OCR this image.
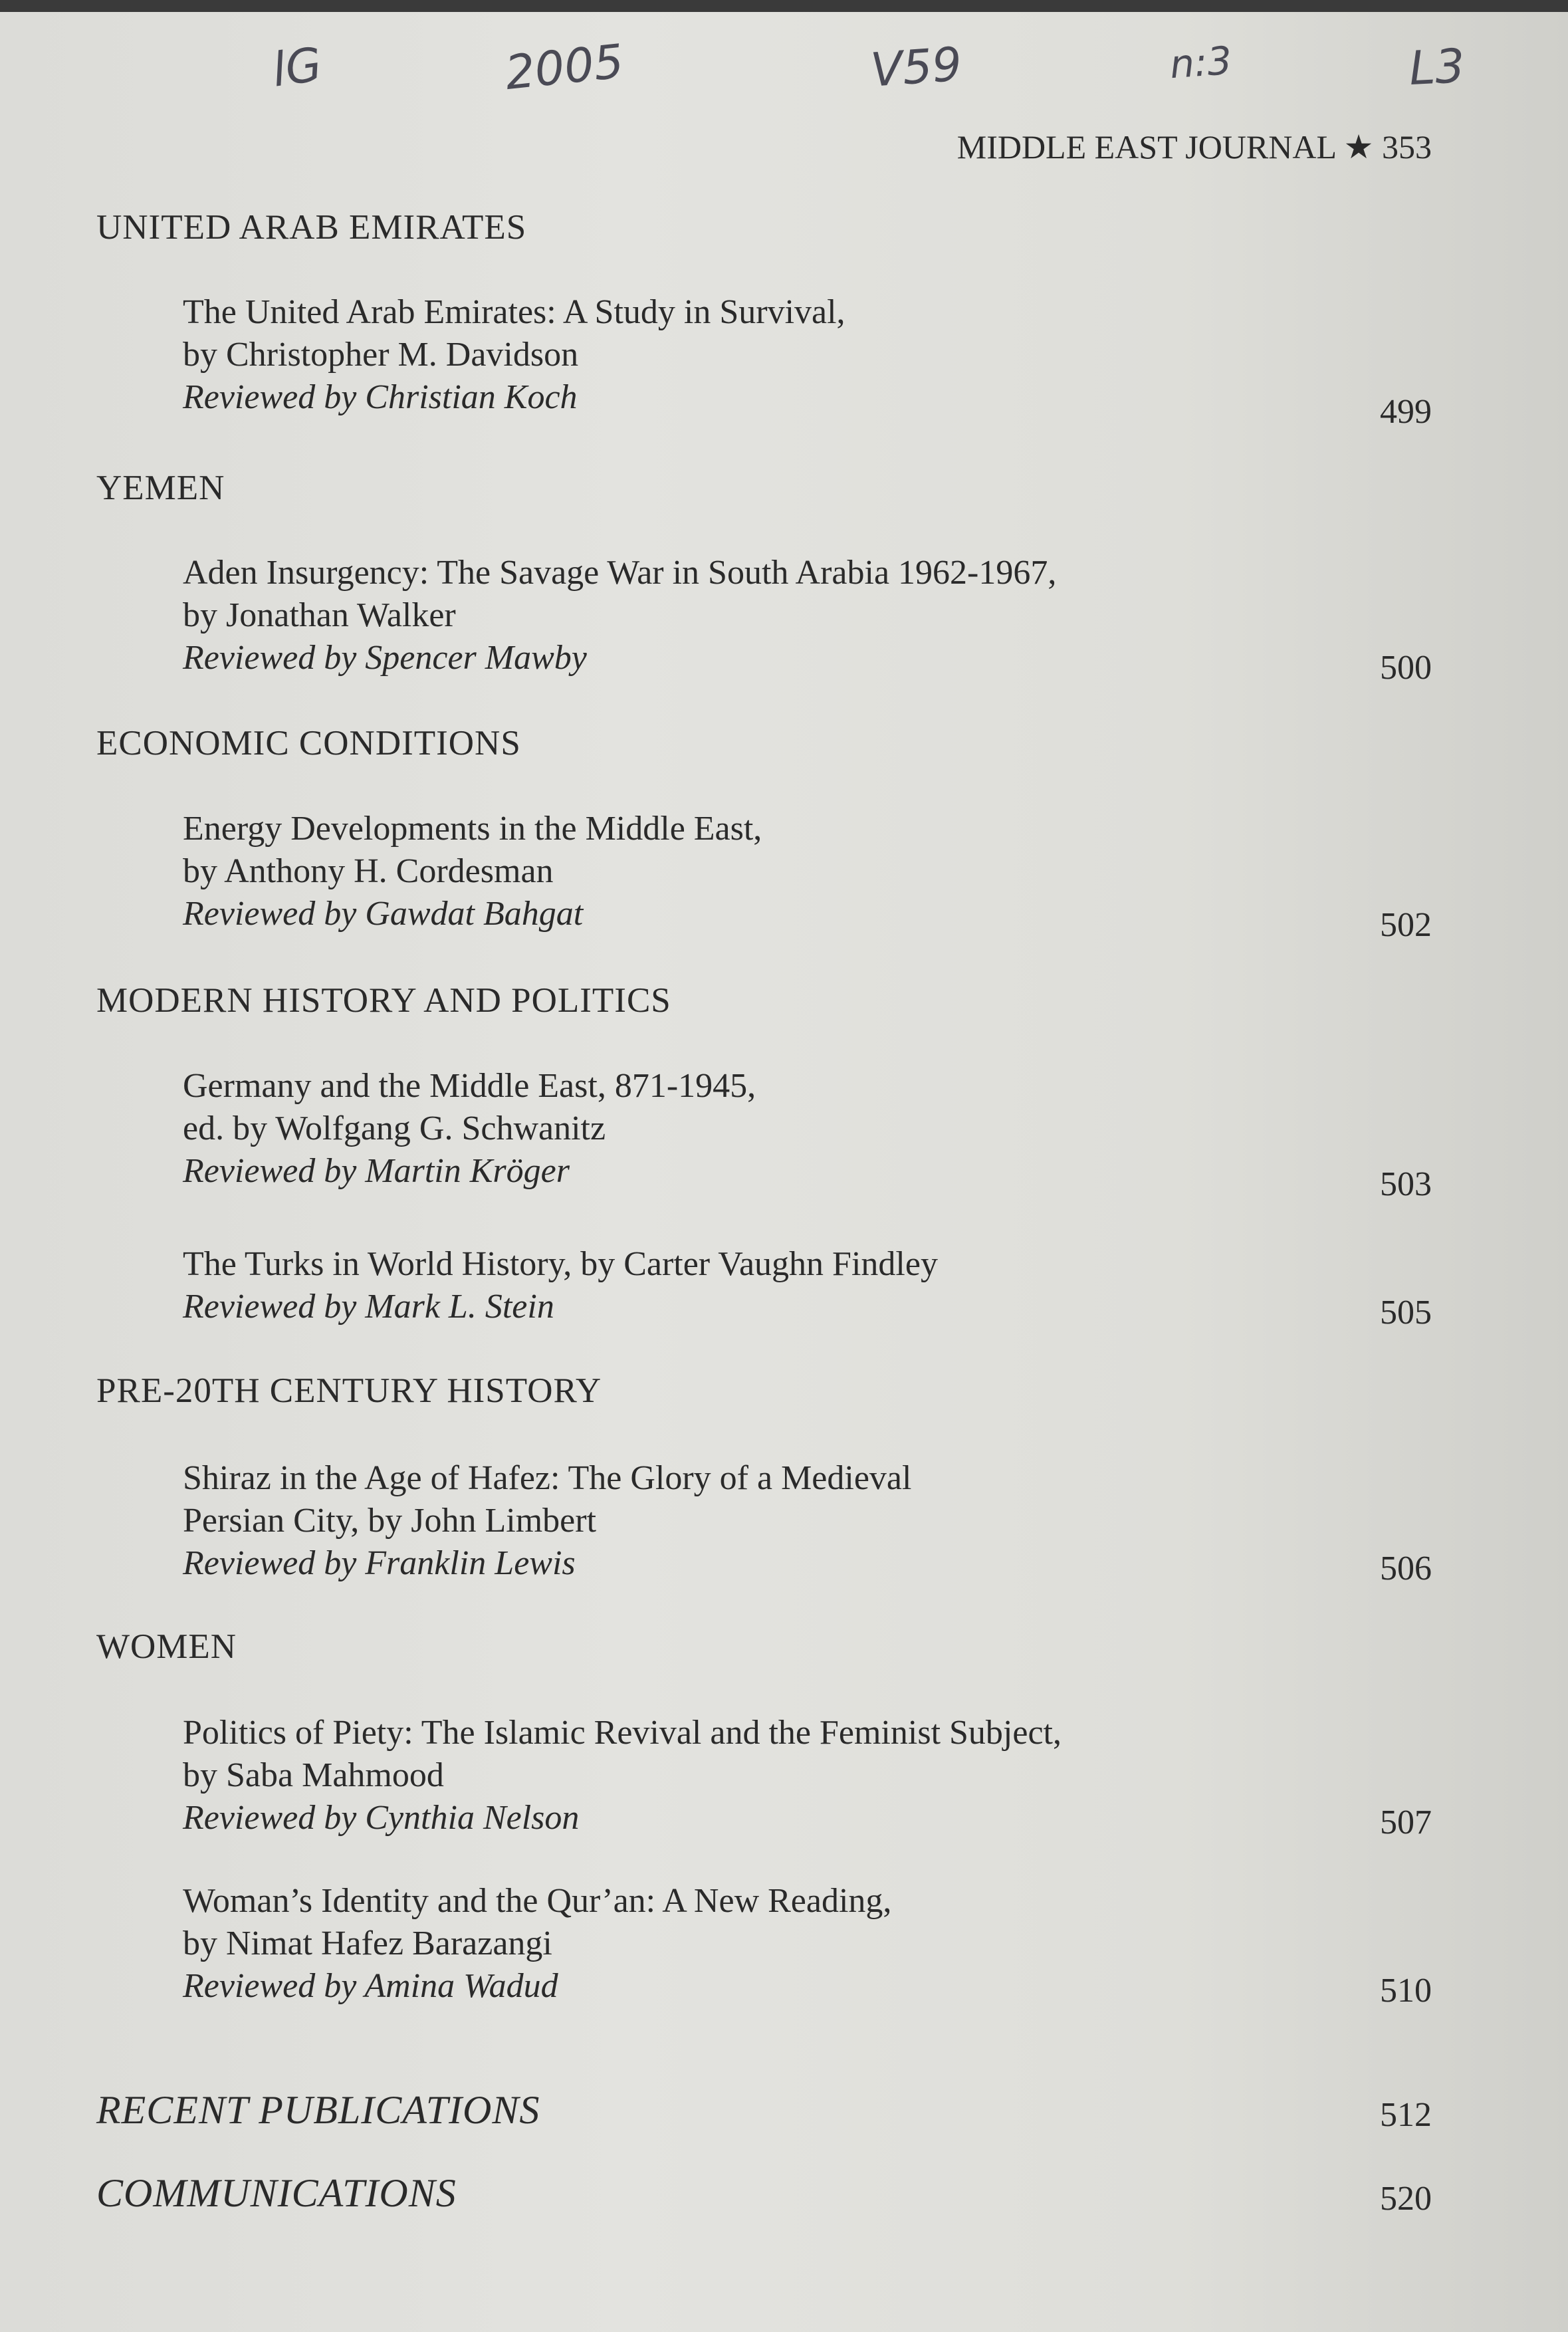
lG	2005	V59	n:3	L3
MIDDLE EAST JOURNAL ★ 353
UNITED ARAB EMIRATES
The United Arab Emirates: A Study in Survival,
by Christopher M. Davidson
Reviewed by Christian Koch	499
YEMEN
Aden Insurgency: The Savage War in South Arabia 1962-1967,
by Jonathan Walker
Reviewed by Spencer Mawby	500
ECONOMIC CONDITIONS
Energy Developments in the Middle East,
by Anthony H. Cordesman
Reviewed by Gawdat Bahgat	502
MODERN HISTORY AND POLITICS
Germany and the Middle East, 871-1945,
ed. by Wolfgang G. Schwanitz
Reviewed by Martin Kröger	503
The Turks in World History, by Carter Vaughn Findley
Reviewed by Mark L. Stein	505
PRE-20TH CENTURY HISTORY
Shiraz in the Age of Hafez: The Glory of a Medieval
Persian City, by John Limbert
Reviewed by Franklin Lewis	506
WOMEN
Politics of Piety: The Islamic Revival and the Feminist Subject,
by Saba Mahmood
Reviewed by Cynthia Nelson	507
Woman’s Identity and the Qur’an: A New Reading,
by Nimat Hafez Barazangi
Reviewed by Amina Wadud	510
RECENT PUBLICATIONS	512
COMMUNICATIONS	520
